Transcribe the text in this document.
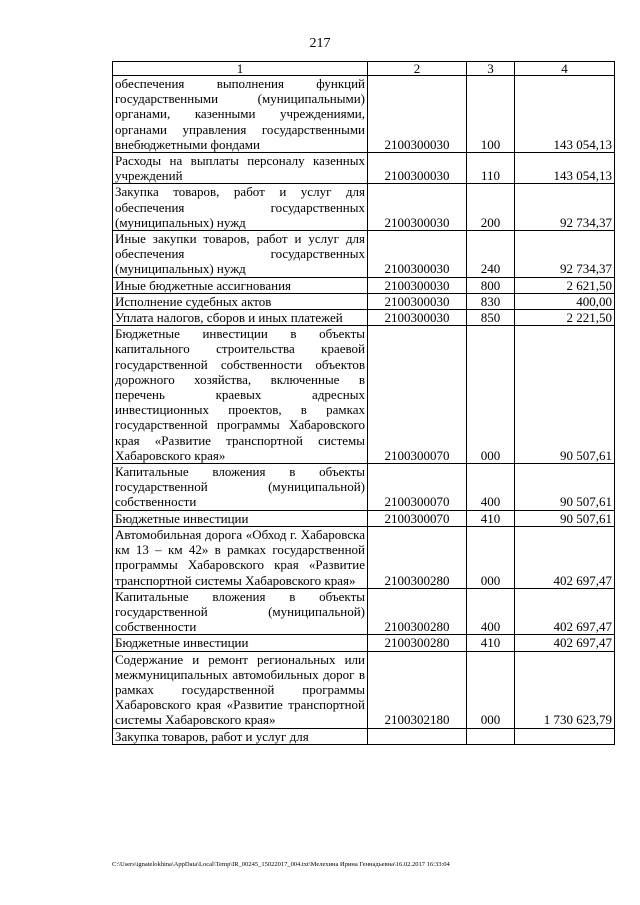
217
1	2	3	4
обеспечения выполнения функций государственными (муниципальными) органами, казенными учреждениями, органами управления государственными внебюджетными фондами	2100300030	100	143 054,13
Расходы на выплаты персоналу казенных учреждений	2100300030	110	143 054,13
Закупка товаров, работ и услуг для обеспечения государственных (муниципальных) нужд	2100300030	200	92 734,37
Иные закупки товаров, работ и услуг для обеспечения государственных (муниципальных) нужд	2100300030	240	92 734,37
Иные бюджетные ассигнования	2100300030	800	2 621,50
Исполнение судебных актов	2100300030	830	400,00
Уплата налогов, сборов и иных платежей	2100300030	850	2 221,50
Бюджетные инвестиции в объекты капитального строительства краевой государственной собственности объектов дорожного хозяйства, включенные в перечень краевых адресных инвестиционных проектов, в рамках государственной программы Хабаровского края «Развитие транспортной системы Хабаровского края»	2100300070	000	90 507,61
Капитальные вложения в объекты государственной (муниципальной) собственности	2100300070	400	90 507,61
Бюджетные инвестиции	2100300070	410	90 507,61
Автомобильная дорога «Обход г. Хабаровска км 13 – км 42» в рамках государственной программы Хабаровского края «Развитие транспортной системы Хабаровского края»	2100300280	000	402 697,47
Капитальные вложения в объекты государственной (муниципальной) собственности	2100300280	400	402 697,47
Бюджетные инвестиции	2100300280	410	402 697,47
Содержание и ремонт региональных или межмуниципальных автомобильных дорог в рамках государственной программы Хабаровского края «Развитие транспортной системы Хабаровского края»	2100302180	000	1 730 623,79
Закупка товаров, работ и услуг для			
C:\Users\ignatelokhina\AppData\Local\Temp\IR_00245_15022017_004.txt\Мелехина Ирина Геннадьевна\16.02.2017 16:33:04
